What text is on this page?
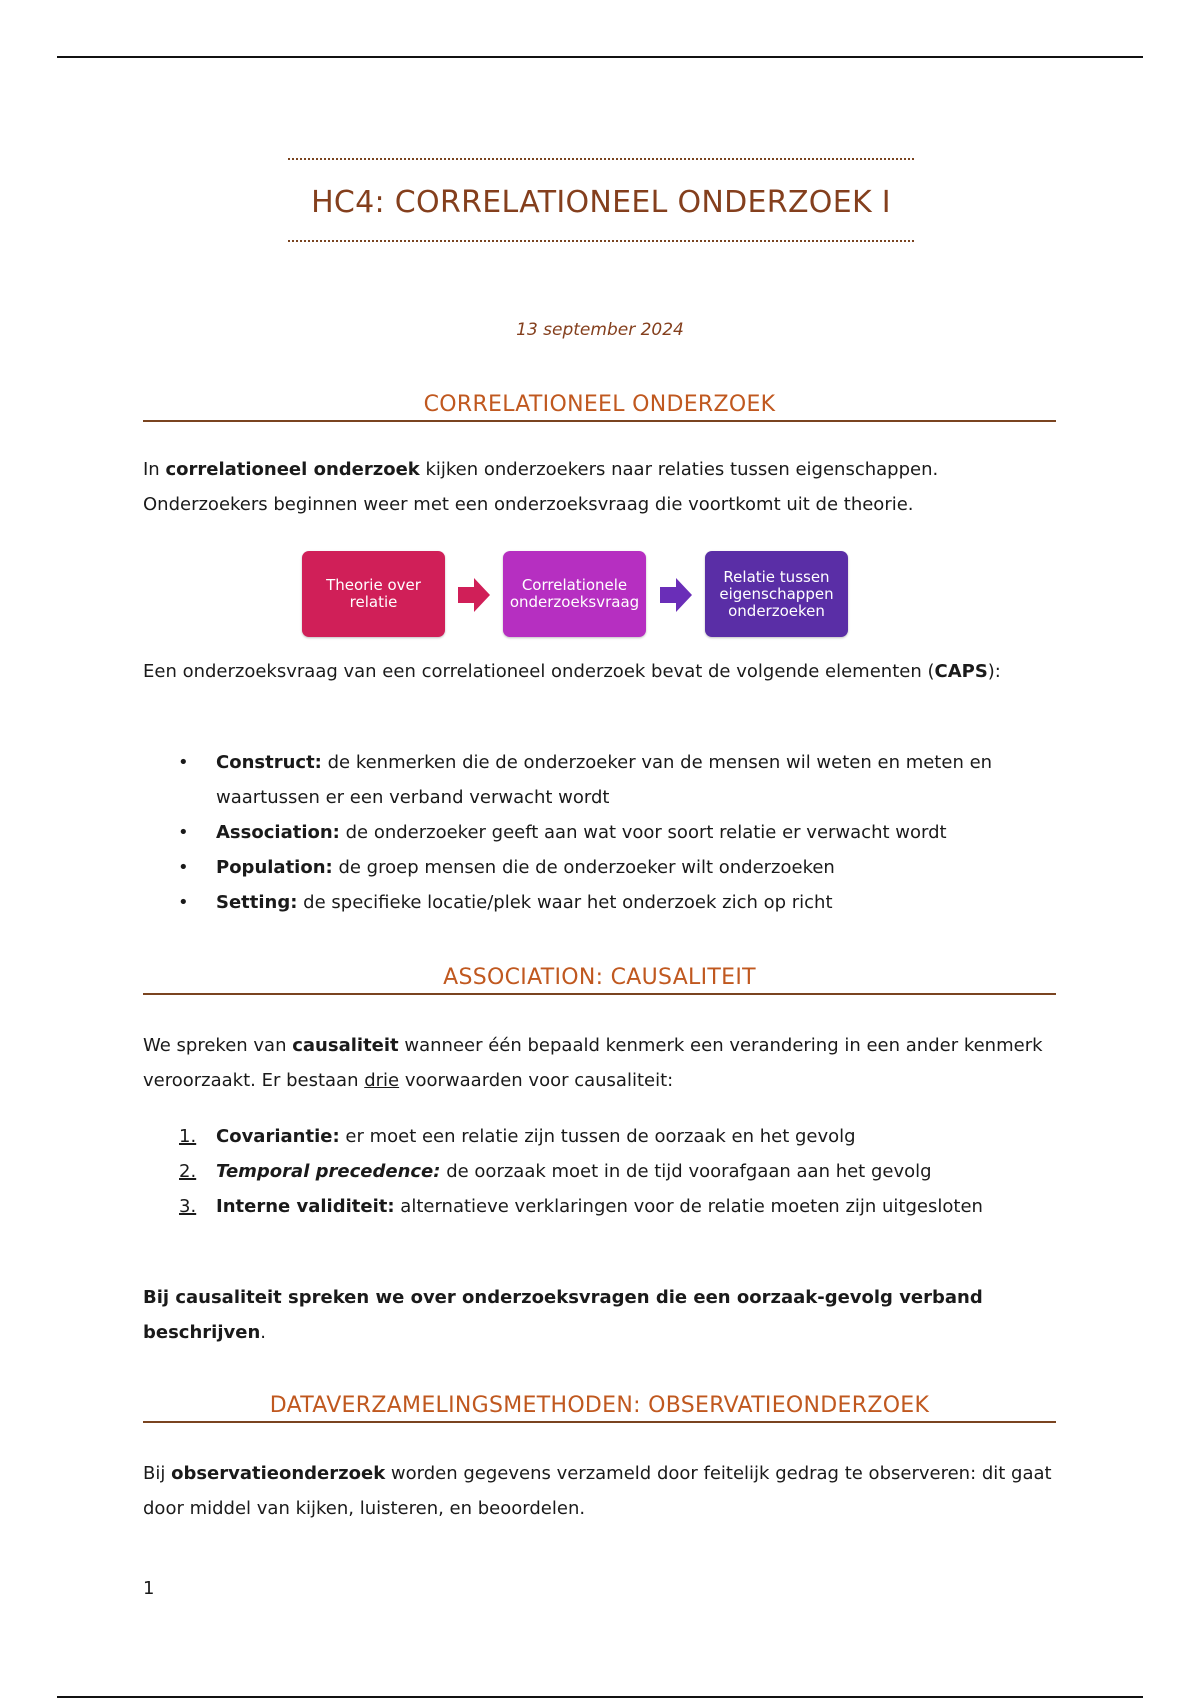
HC4: CORRELATIONEEL ONDERZOEK I
13 september 2024
CORRELATIONEEL ONDERZOEK

In correlationeel onderzoek kijken onderzoekers naar relaties tussen eigenschappen. Onderzoekers beginnen weer met een onderzoeksvraag die voortkomt uit de theorie.

Theorie over relatie
Correlationele onderzoeksvraag
Relatie tussen eigenschappen onderzoeken

Een onderzoeksvraag van een correlationeel onderzoek bevat de volgende elementen (CAPS):

• Construct: de kenmerken die de onderzoeker van de mensen wil weten en meten en waartussen er een verband verwacht wordt
• Association: de onderzoeker geeft aan wat voor soort relatie er verwacht wordt
• Population: de groep mensen die de onderzoeker wilt onderzoeken
• Setting: de specifieke locatie/plek waar het onderzoek zich op richt
ASSOCIATION: CAUSALITEIT

We spreken van causaliteit wanneer één bepaald kenmerk een verandering in een ander kenmerk veroorzaakt. Er bestaan drie voorwaarden voor causaliteit:

1.	Covariantie: er moet een relatie zijn tussen de oorzaak en het gevolg
2.	Temporal precedence: de oorzaak moet in de tijd voorafgaan aan het gevolg
3.	Interne validiteit: alternatieve verklaringen voor de relatie moeten zijn uitgesloten

Bij causaliteit spreken we over onderzoeksvragen die een oorzaak-gevolg verband beschrijven.

DATAVERZAMELINGSMETHODEN: OBSERVATIEONDERZOEK

Bij observatieonderzoek worden gegevens verzameld door feitelijk gedrag te observeren: dit gaat door middel van kijken, luisteren, en beoordelen.

1
